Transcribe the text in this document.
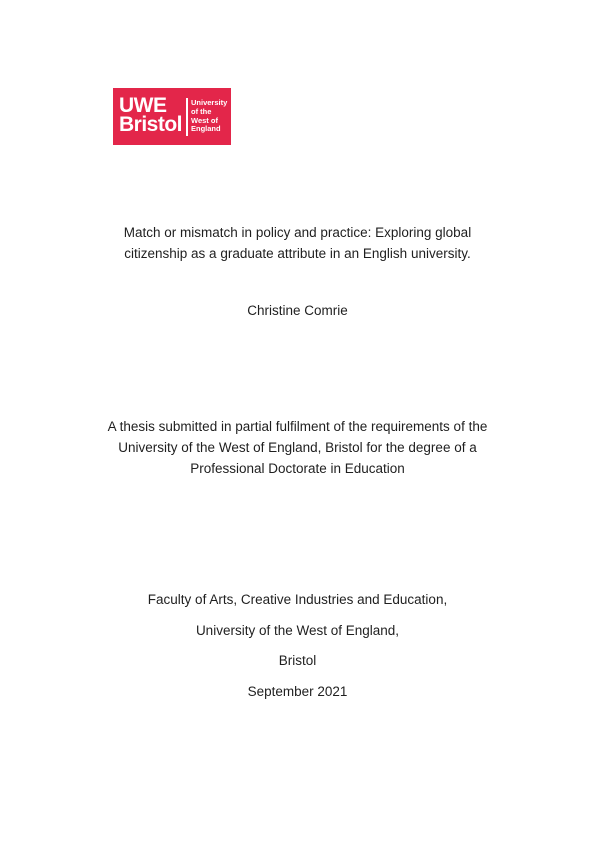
UWE
Bristol
University
of the
West of
England
Match or mismatch in policy and practice: Exploring global
citizenship as a graduate attribute in an English university.
Christine Comrie
A thesis submitted in partial fulfilment of the requirements of the
University of the West of England, Bristol for the degree of a
Professional Doctorate in Education
Faculty of Arts, Creative Industries and Education,
University of the West of England,
Bristol
September 2021
